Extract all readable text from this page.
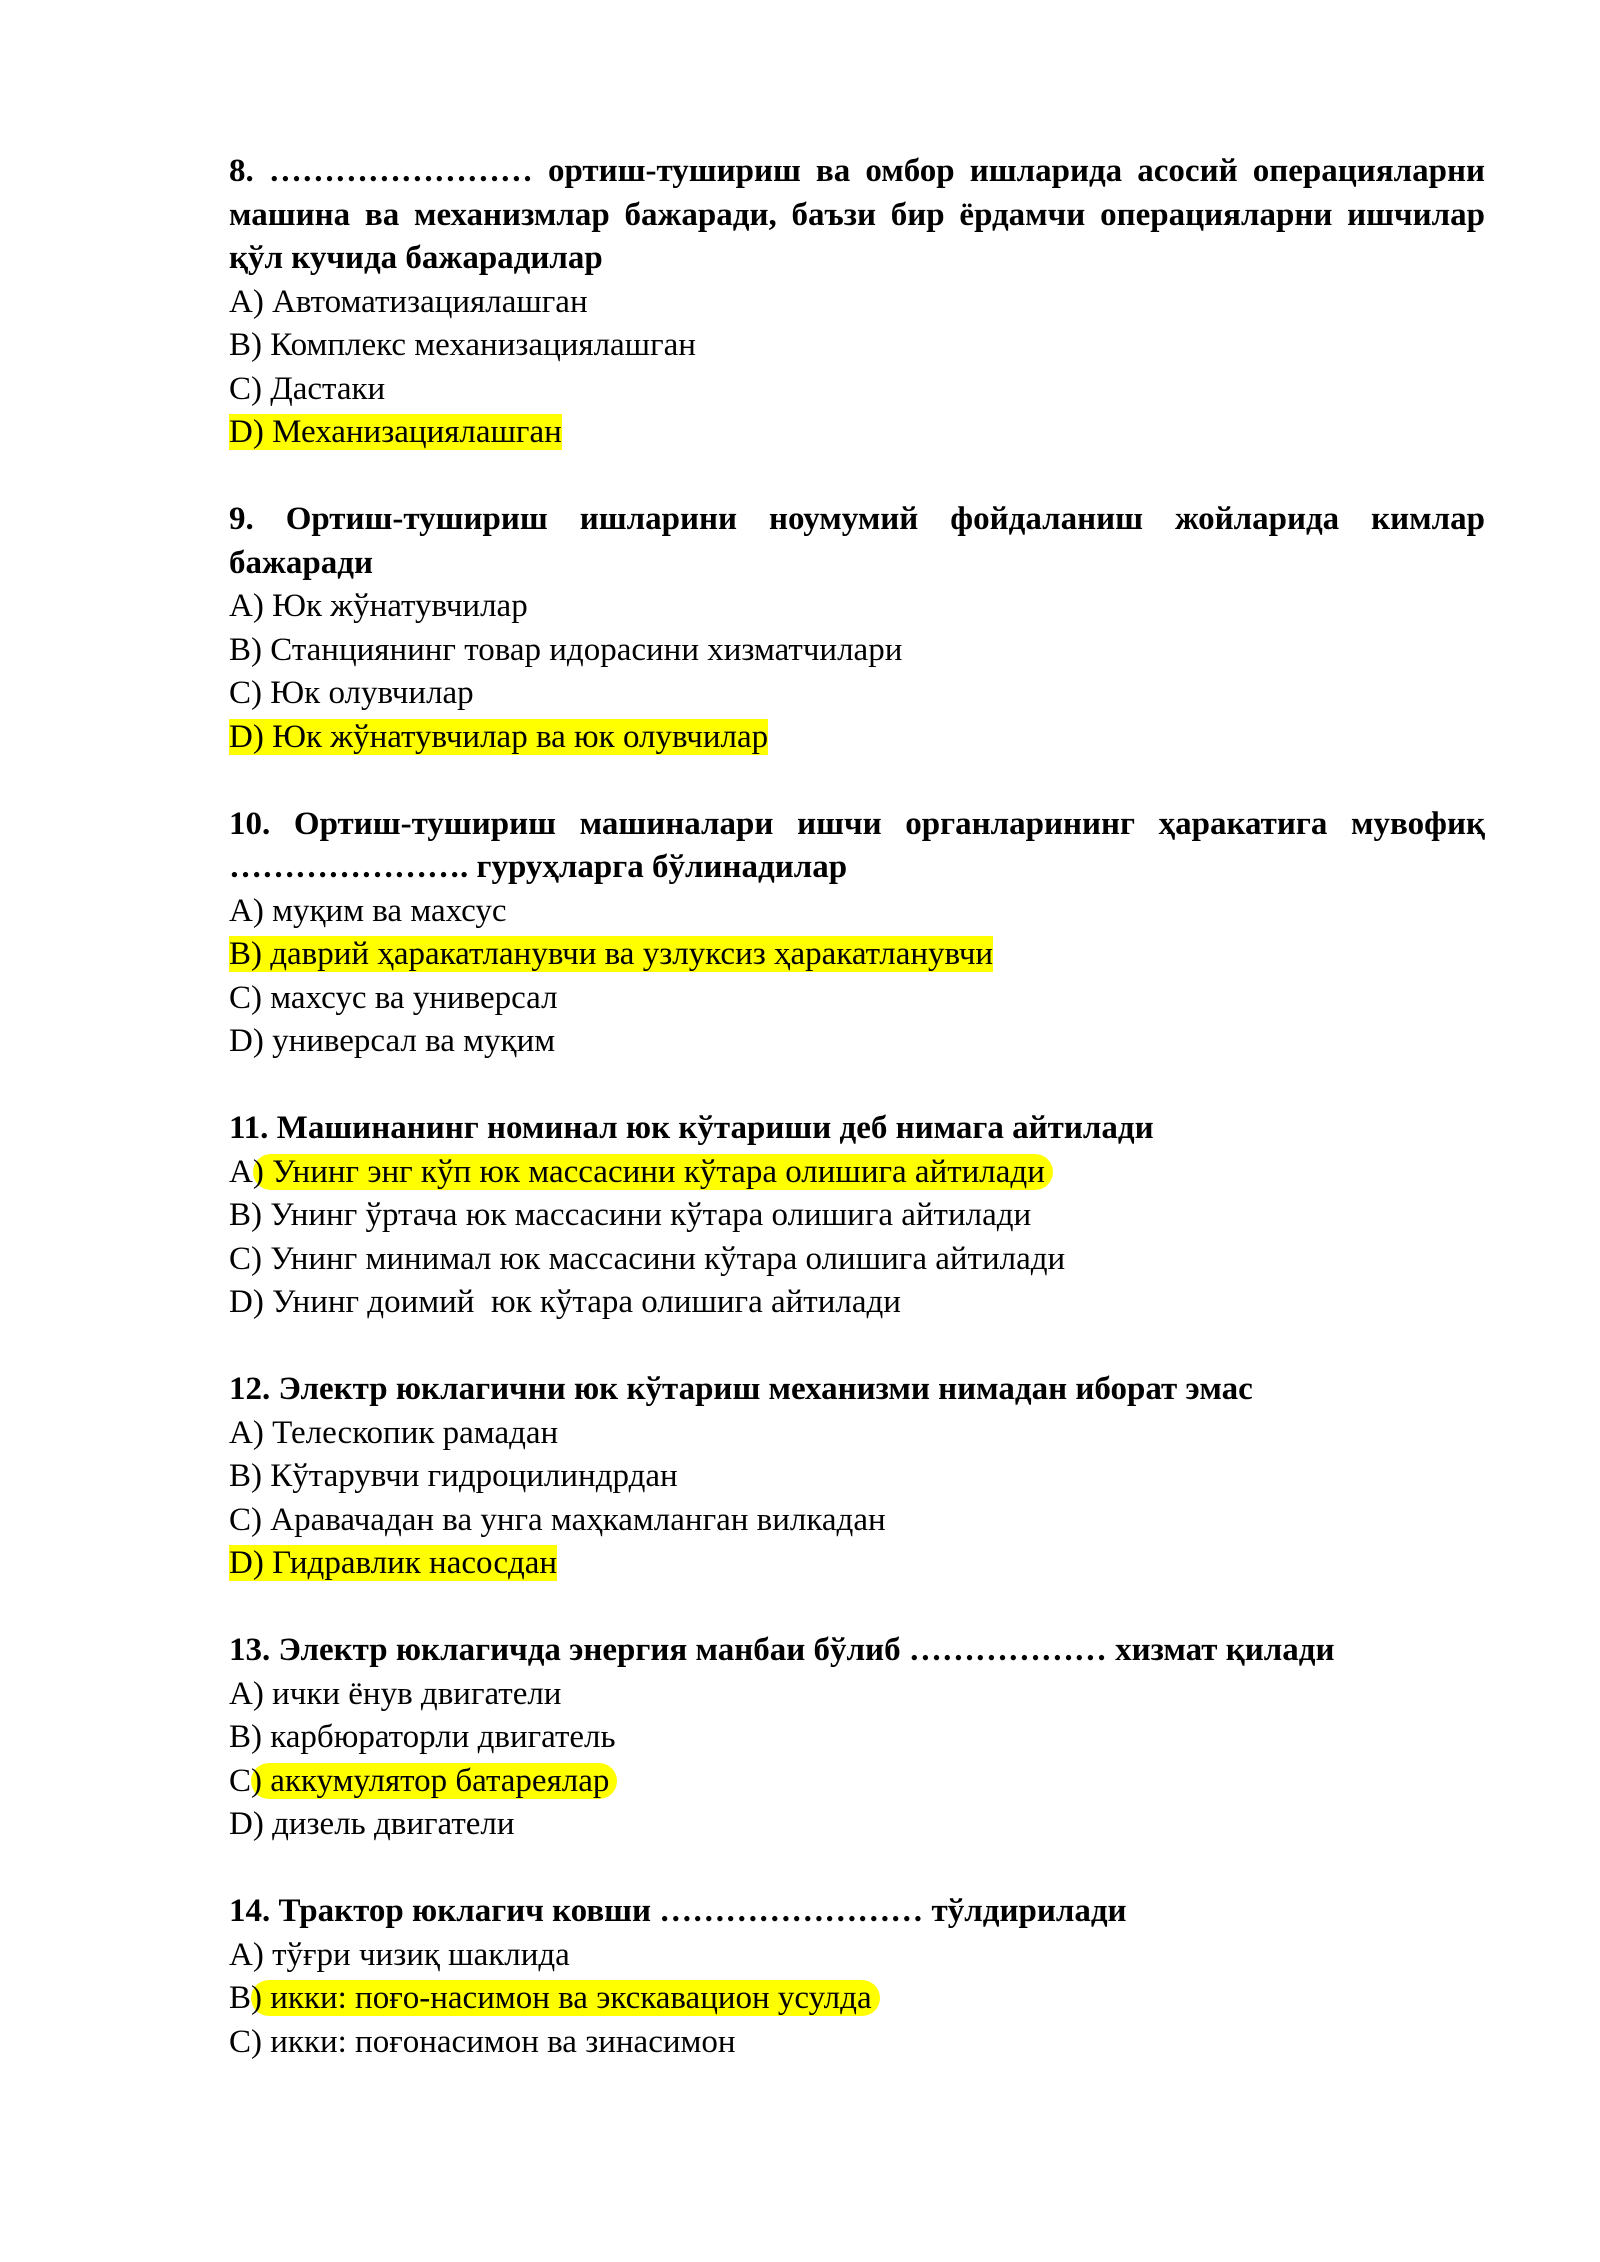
8. …………………… ортиш-тушириш ва омбор ишларида асосий операцияларни машина ва механизмлар бажаради, баъзи бир ёрдамчи операцияларни ишчилар қўл кучида бажарадилар
A) Автоматизациялашган
B) Комплекс механизациялашган
C) Дастаки
D) Механизациялашган
9. Ортиш-тушириш ишларини ноумумий фойдаланиш жойларида кимлар бажаради
A) Юк жўнатувчилар
B) Станциянинг товар идорасини хизматчилари
C) Юк олувчилар
D) Юк жўнатувчилар ва юк олувчилар
10. Ортиш-тушириш машиналари ишчи органларининг ҳаракатига мувофиқ …………………. гуруҳларга бўлинадилар
A) муқим ва махсус
B) даврий ҳаракатланувчи ва узлуксиз ҳаракатланувчи
C) махсус ва универсал
D) универсал ва муқим
11. Машинанинг номинал юк кўтариши деб нимага айтилади
A) Унинг энг кўп юк массасини кўтара олишига айтилади
B) Унинг ўртача юк массасини кўтара олишига айтилади
C) Унинг минимал юк массасини кўтара олишига айтилади
D) Унинг доимий  юк кўтара олишига айтилади
12. Электр юклагични юк кўтариш механизми нимадан иборат эмас
A) Телескопик рамадан
B) Кўтарувчи гидроцилиндрдан
C) Аравачадан ва унга маҳкамланган вилкадан
D) Гидравлик насосдан
13. Электр юклагичда энергия манбаи бўлиб ……………… хизмат қилади
A) ички ёнув двигатели
B) карбюраторли двигатель
C) аккумулятор батареялар
D) дизель двигатели
14. Трактор юклагич ковши …………………… тўлдирилади
A) тўғри чизиқ шаклида
B) икки: поғо-насимон ва экскавацион усулда
C) икки: поғонасимон ва зинасимон
